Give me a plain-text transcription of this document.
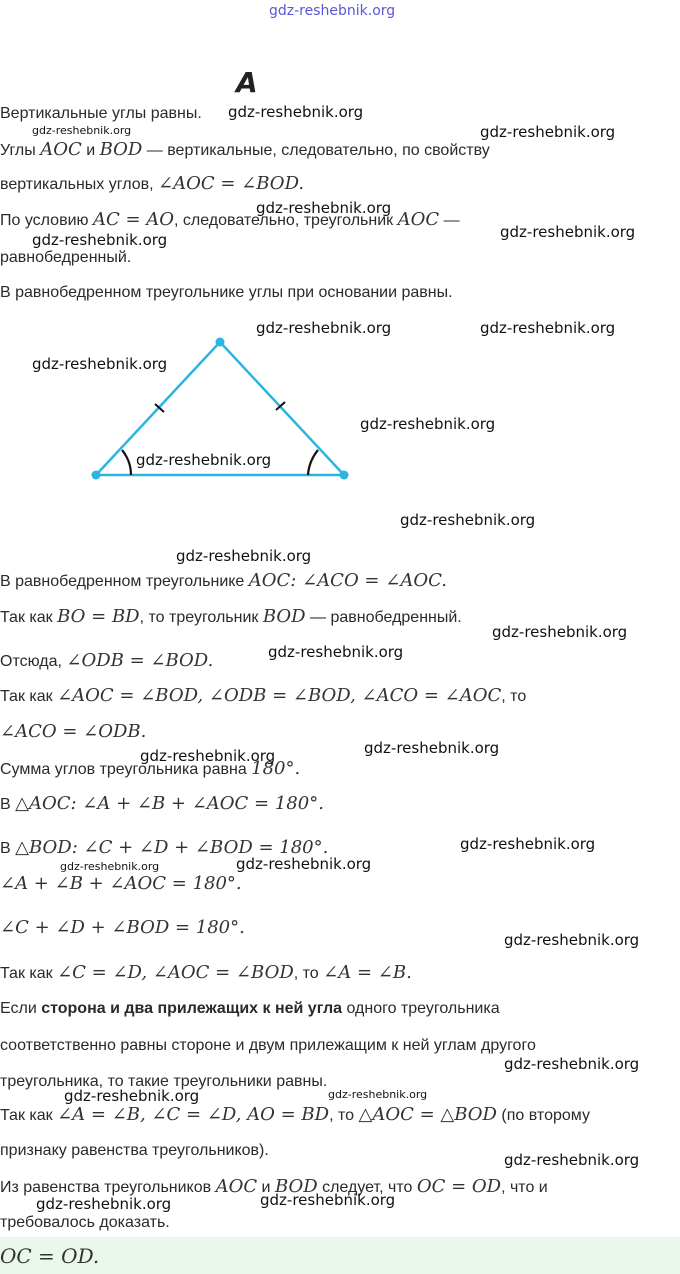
gdz-reshebnik.org
А
Вертикальные углы равны.
Углы AOC и BOD — вертикальные, следовательно, по свойству
вертикальных углов, ∠AOC = ∠BOD.
По условию AC = AO, следовательно, треугольник AOC —
равнобедренный.
В равнобедренном треугольнике углы при основании равны.
В равнобедренном треугольнике AOC: ∠ACO = ∠AOC.
Так как BO = BD, то треугольник BOD — равнобедренный.
Отсюда, ∠ODB = ∠BOD.
Так как ∠AOC = ∠BOD, ∠ODB = ∠BOD, ∠ACO = ∠AOC, то
∠ACO = ∠ODB.
Сумма углов треугольника равна 180°.
В △AOC: ∠A + ∠B + ∠AOC = 180°.
В △BOD: ∠C + ∠D + ∠BOD = 180°.
∠A + ∠B + ∠AOC = 180°.
∠C + ∠D + ∠BOD = 180°.
Так как ∠C = ∠D, ∠AOC = ∠BOD, то ∠A = ∠B.
Если сторона и два прилежащих к ней угла одного треугольника
соответственно равны стороне и двум прилежащим к ней углам другого
треугольника, то такие треугольники равны.
Так как ∠A = ∠B, ∠C = ∠D, AO = BD, то △AOC = △BOD (по второму
признаку равенства треугольников).
Из равенства треугольников AOC и BOD следует, что OC = OD, что и
требовалось доказать.
OC = OD.
gdz-reshebnik.org
gdz-reshebnik.org	gdz-reshebnik.org
gdz-reshebnik.org
gdz-reshebnik.org	gdz-reshebnik.org
gdz-reshebnik.org	gdz-reshebnik.org
gdz-reshebnik.org
gdz-reshebnik.org
gdz-reshebnik.org
gdz-reshebnik.org
gdz-reshebnik.org
gdz-reshebnik.org
gdz-reshebnik.org
gdz-reshebnik.org	gdz-reshebnik.org
gdz-reshebnik.org
gdz-reshebnik.org	gdz-reshebnik.org
gdz-reshebnik.org
gdz-reshebnik.org
gdz-reshebnik.org	gdz-reshebnik.org
gdz-reshebnik.org
gdz-reshebnik.org	gdz-reshebnik.org
